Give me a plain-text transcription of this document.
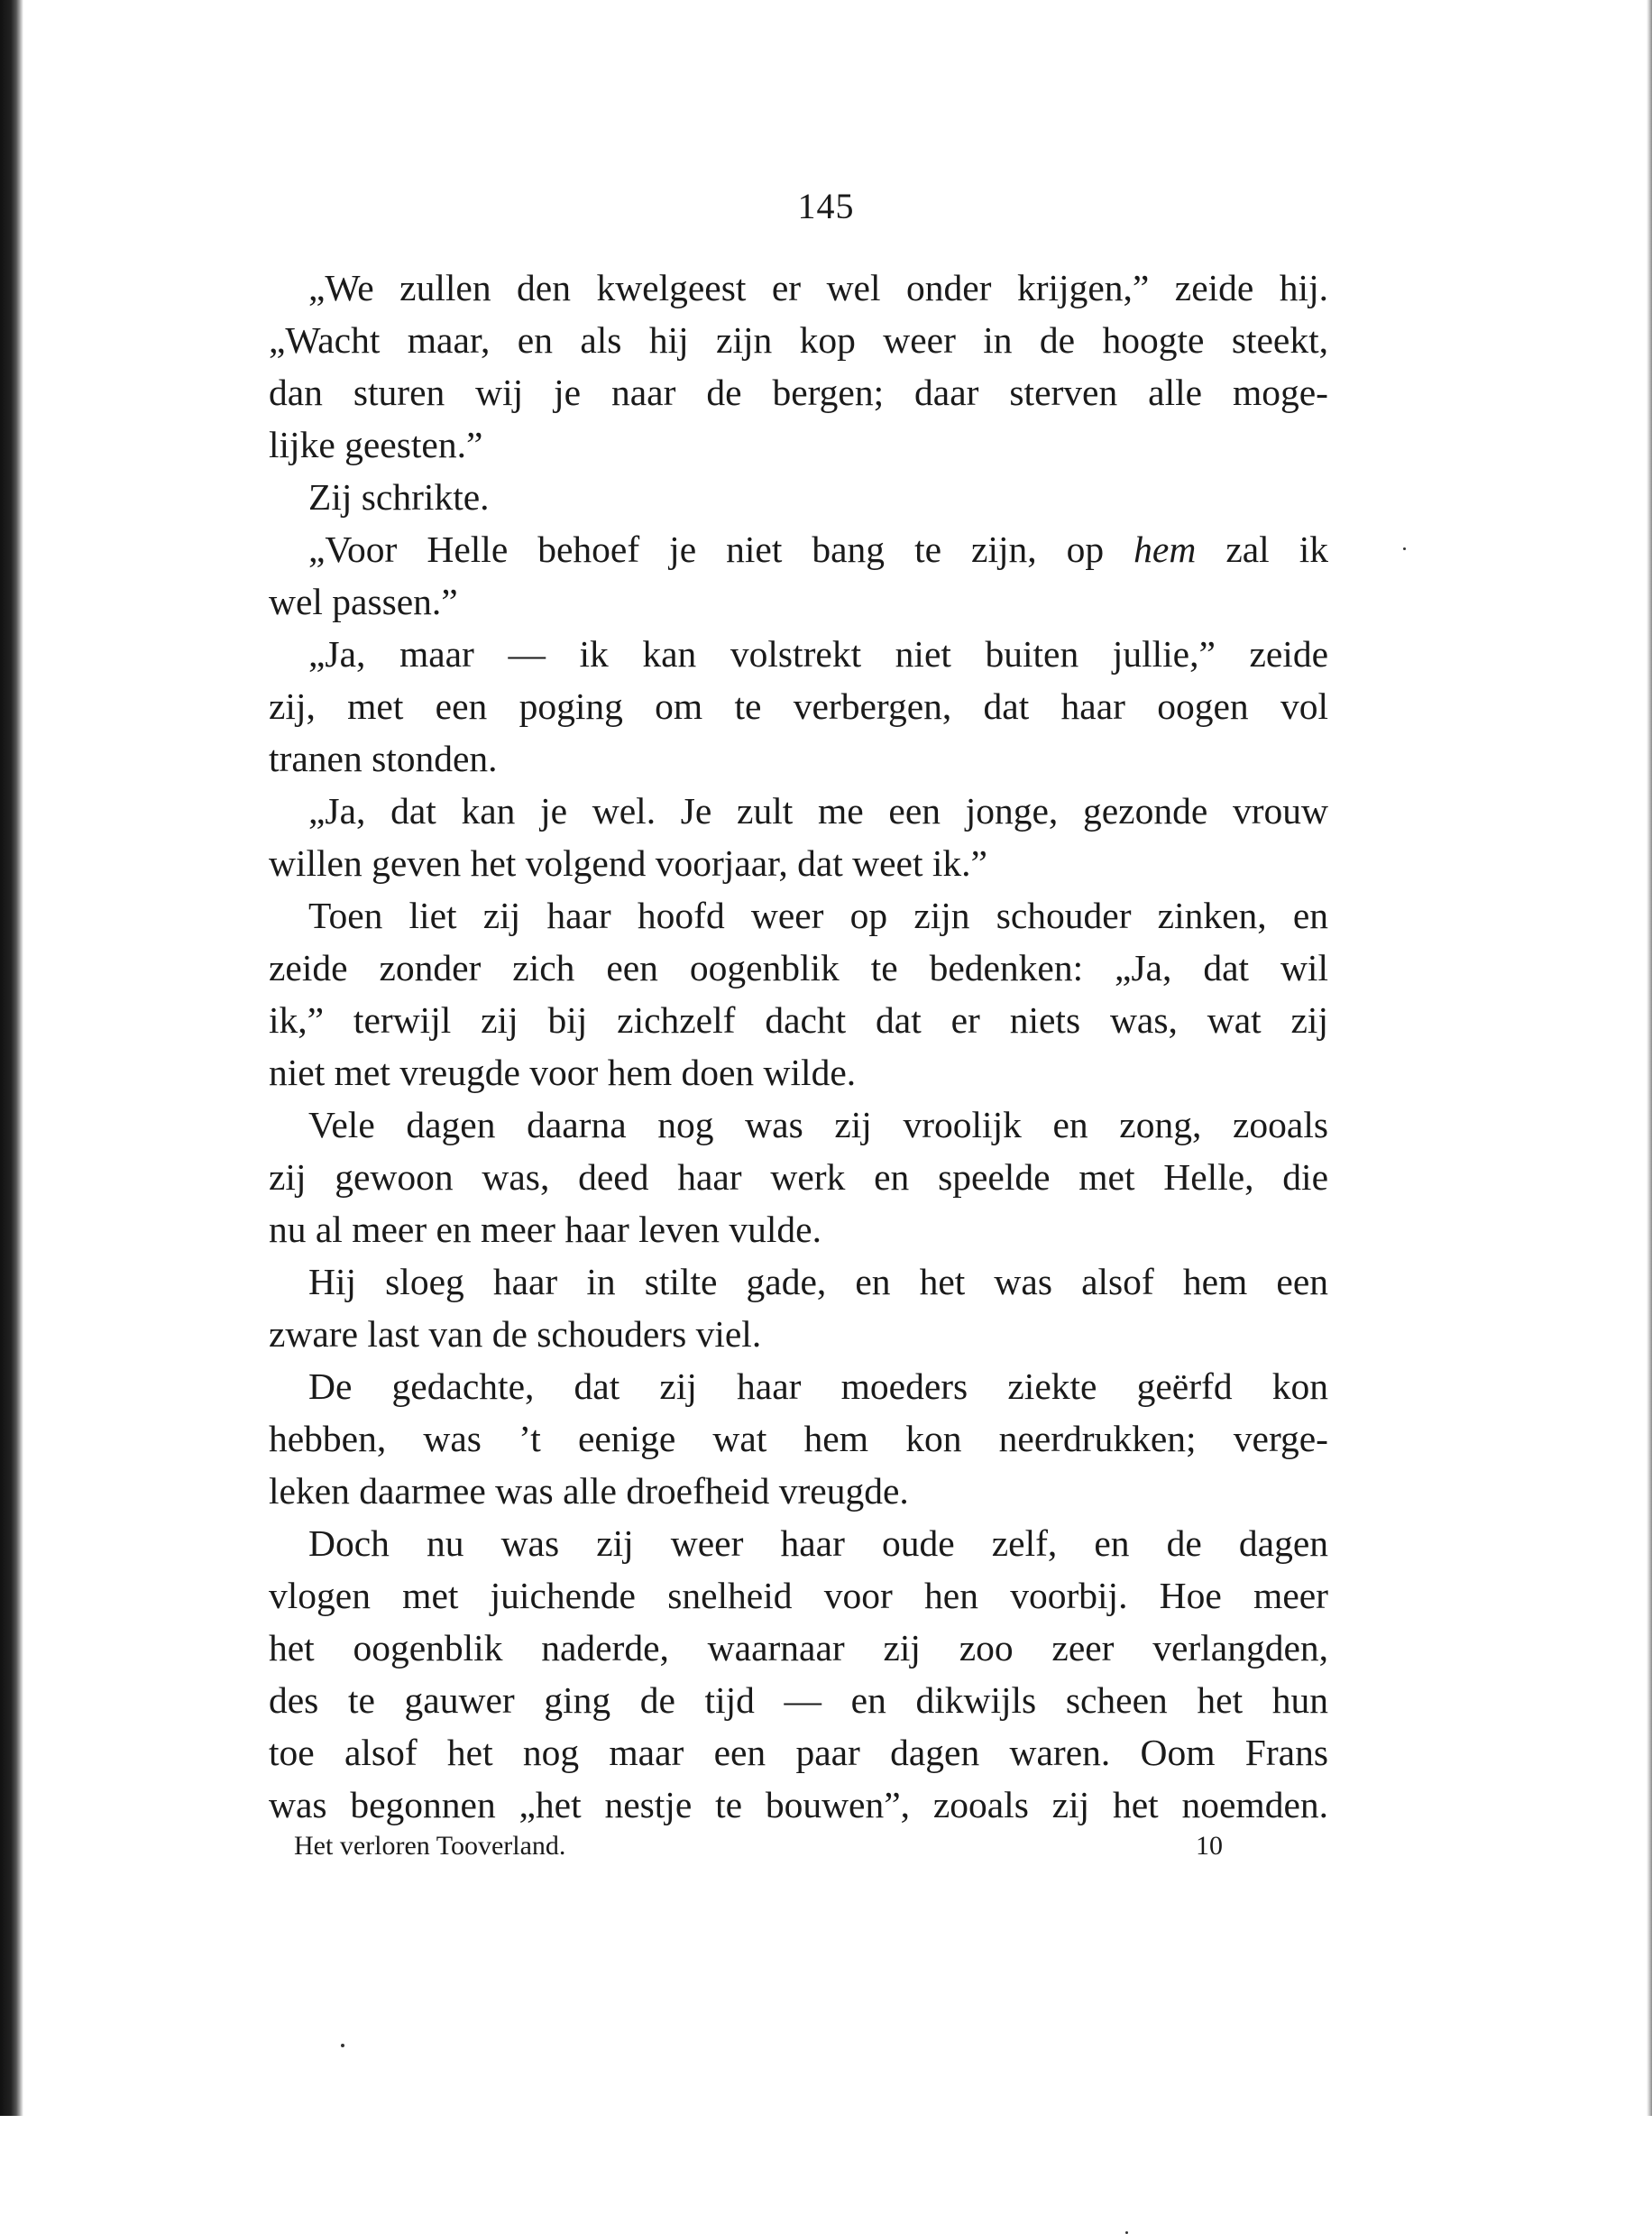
145
„We zullen den kwelgeest er wel onder krijgen,” zeide hij.
„Wacht maar, en als hij zijn kop weer in de hoogte steekt,
dan sturen wij je naar de bergen; daar sterven alle moge-
lijke geesten.”
Zij schrikte.
„Voor Helle behoef je niet bang te zijn, op hem zal ik
wel passen.”
„Ja, maar — ik kan volstrekt niet buiten jullie,” zeide
zij, met een poging om te verbergen, dat haar oogen vol
tranen stonden.
„Ja, dat kan je wel. Je zult me een jonge, gezonde vrouw
willen geven het volgend voorjaar, dat weet ik.”
Toen liet zij haar hoofd weer op zijn schouder zinken, en
zeide zonder zich een oogenblik te bedenken: „Ja, dat wil
ik,” terwijl zij bij zichzelf dacht dat er niets was, wat zij
niet met vreugde voor hem doen wilde.
Vele dagen daarna nog was zij vroolijk en zong, zooals
zij gewoon was, deed haar werk en speelde met Helle, die
nu al meer en meer haar leven vulde.
Hij sloeg haar in stilte gade, en het was alsof hem een
zware last van de schouders viel.
De gedachte, dat zij haar moeders ziekte geërfd kon
hebben, was ’t eenige wat hem kon neerdrukken; verge-
leken daarmee was alle droefheid vreugde.
Doch nu was zij weer haar oude zelf, en de dagen
vlogen met juichende snelheid voor hen voorbij. Hoe meer
het oogenblik naderde, waarnaar zij zoo zeer verlangden,
des te gauwer ging de tijd — en dikwijls scheen het hun
toe alsof het nog maar een paar dagen waren. Oom Frans
was begonnen „het nestje te bouwen”, zooals zij het noemden.
Het verloren Tooverland.	10
